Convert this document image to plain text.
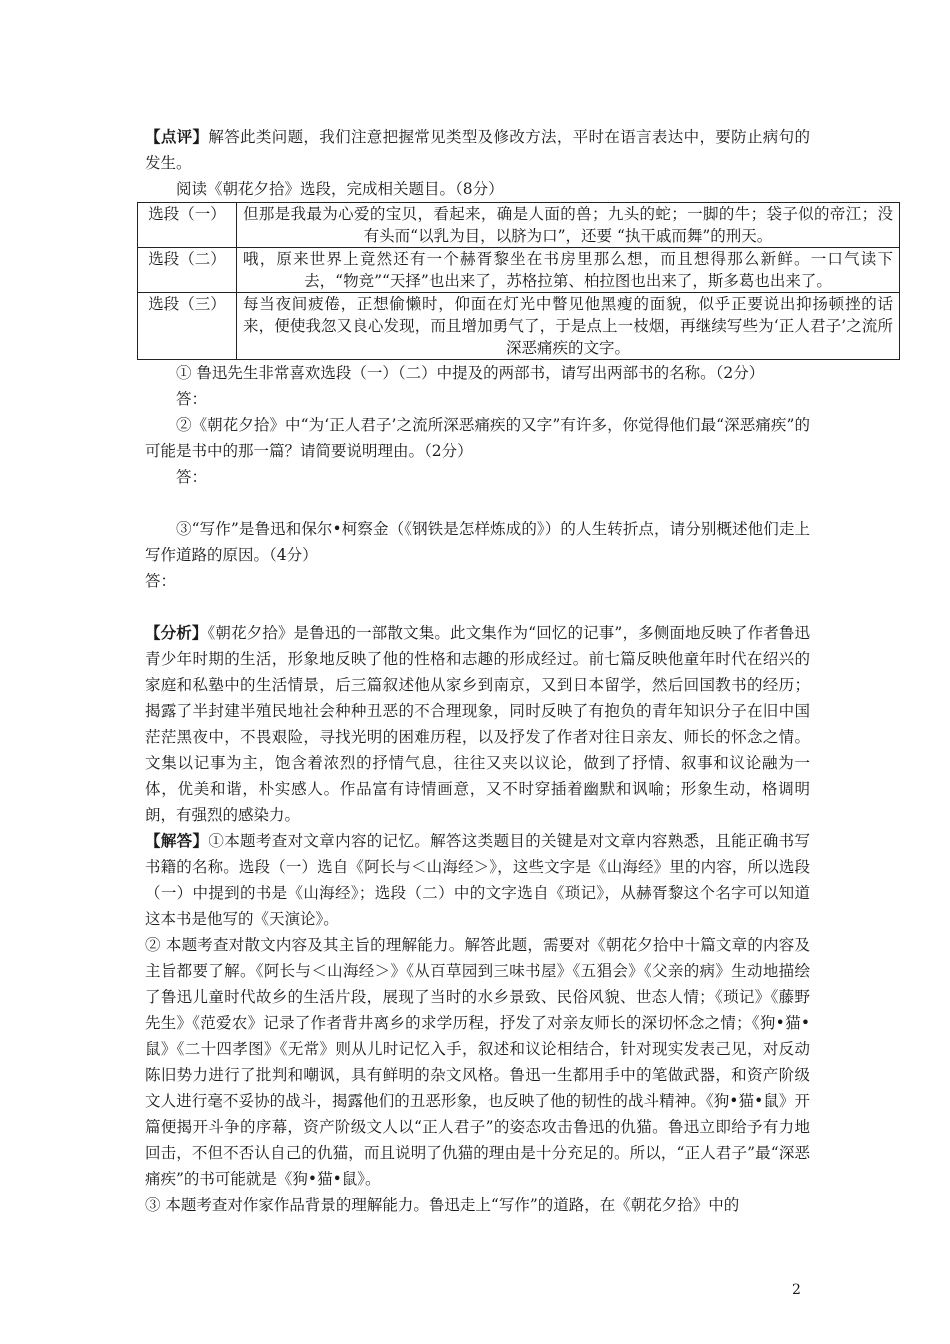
【点评】解答此类问题，我们注意把握常见类型及修改方法，平时在语言表达中，要防止病句的发生。

阅读《朝花夕拾》选段，完成相关题目。（8分）

选段（一）	但那是我最为心爱的宝贝，看起来，确是人面的兽；九头的蛇；一脚的牛；袋子似的帝江；没有头而“以乳为目，以脐为口”，还要 “执干戚而舞”的刑天。
选段（二）	哦，原来世界上竟然还有一个赫胥黎坐在书房里那么想，而且想得那么新鲜。一口气读下去，“物竞”“天择”也出来了，苏格拉第、柏拉图也出来了，斯多葛也出来了。
选段（三）	每当夜间疲倦，正想偷懒时，仰面在灯光中瞥见他黑瘦的面貌，似乎正要说出抑扬顿挫的话来，便使我忽又良心发现，而且增加勇气了，于是点上一枝烟，再继续写些为‘正人君子’之流所深恶痛疾的文字。

① 鲁迅先生非常喜欢选段（一）（二）中提及的两部书，请写出两部书的名称。（2分）

答：

②《朝花夕拾》中“为‘正人君子’之流所深恶痛疾的又字”有许多，你觉得他们最“深恶痛疾”的可能是书中的那一篇？请简要说明理由。（2分）

答：

③“写作”是鲁迅和保尔•柯察金（《钢铁是怎样炼成的》）的人生转折点，请分别概述他们走上写作道路的原因。（4分）

答：

【分析】《朝花夕拾》是鲁迅的一部散文集。此文集作为“回忆的记事”，多侧面地反映了作者鲁迅青少年时期的生活，形象地反映了他的性格和志趣的形成经过。前七篇反映他童年时代在绍兴的家庭和私塾中的生活情景，后三篇叙述他从家乡到南京，又到日本留学，然后回国教书的经历；揭露了半封建半殖民地社会种种丑恶的不合理现象，同时反映了有抱负的青年知识分子在旧中国茫茫黑夜中，不畏艰险，寻找光明的困难历程，以及抒发了作者对往日亲友、师长的怀念之情。文集以记事为主，饱含着浓烈的抒情气息，往往又夹以议论，做到了抒情、叙事和议论融为一体，优美和谐，朴实感人。作品富有诗情画意，又不时穿插着幽默和讽喻；形象生动，格调明朗，有强烈的感染力。

【解答】①本题考查对文章内容的记忆。解答这类题目的关键是对文章内容熟悉，且能正确书写书籍的名称。选段（一）选自《阿长与＜山海经＞》，这些文字是《山海经》里的内容，所以选段（一）中提到的书是《山海经》；选段（二）中的文字选自《琐记》，从赫胥黎这个名字可以知道这本书是他写的《天演论》。

② 本题考查对散文内容及其主旨的理解能力。解答此题，需要对《朝花夕拾中十篇文章的内容及主旨都要了解。《阿长与＜山海经＞》《从百草园到三味书屋》《五猖会》《父亲的病》生动地描绘了鲁迅儿童时代故乡的生活片段，展现了当时的水乡景致、民俗风貌、世态人情；《琐记》《藤野先生》《范爱农》记录了作者背井离乡的求学历程，抒发了对亲友师长的深切怀念之情；《狗•猫•鼠》《二十四孝图》《无常》则从儿时记忆入手，叙述和议论相结合，针对现实发表己见，对反动陈旧势力进行了批判和嘲讽，具有鲜明的杂文风格。鲁迅一生都用手中的笔做武器，和资产阶级文人进行毫不妥协的战斗，揭露他们的丑恶形象，也反映了他的韧性的战斗精神。《狗•猫•鼠》开篇便揭开斗争的序幕，资产阶级文人以“正人君子”的姿态攻击鲁迅的仇猫。鲁迅立即给予有力地回击，不但不否认自己的仇猫，而且说明了仇猫的理由是十分充足的。所以，“正人君子”最“深恶痛疾”的书可能就是《狗•猫•鼠》。

③ 本题考查对作家作品背景的理解能力。鲁迅走上“写作”的道路，在《朝花夕拾》中的

2
